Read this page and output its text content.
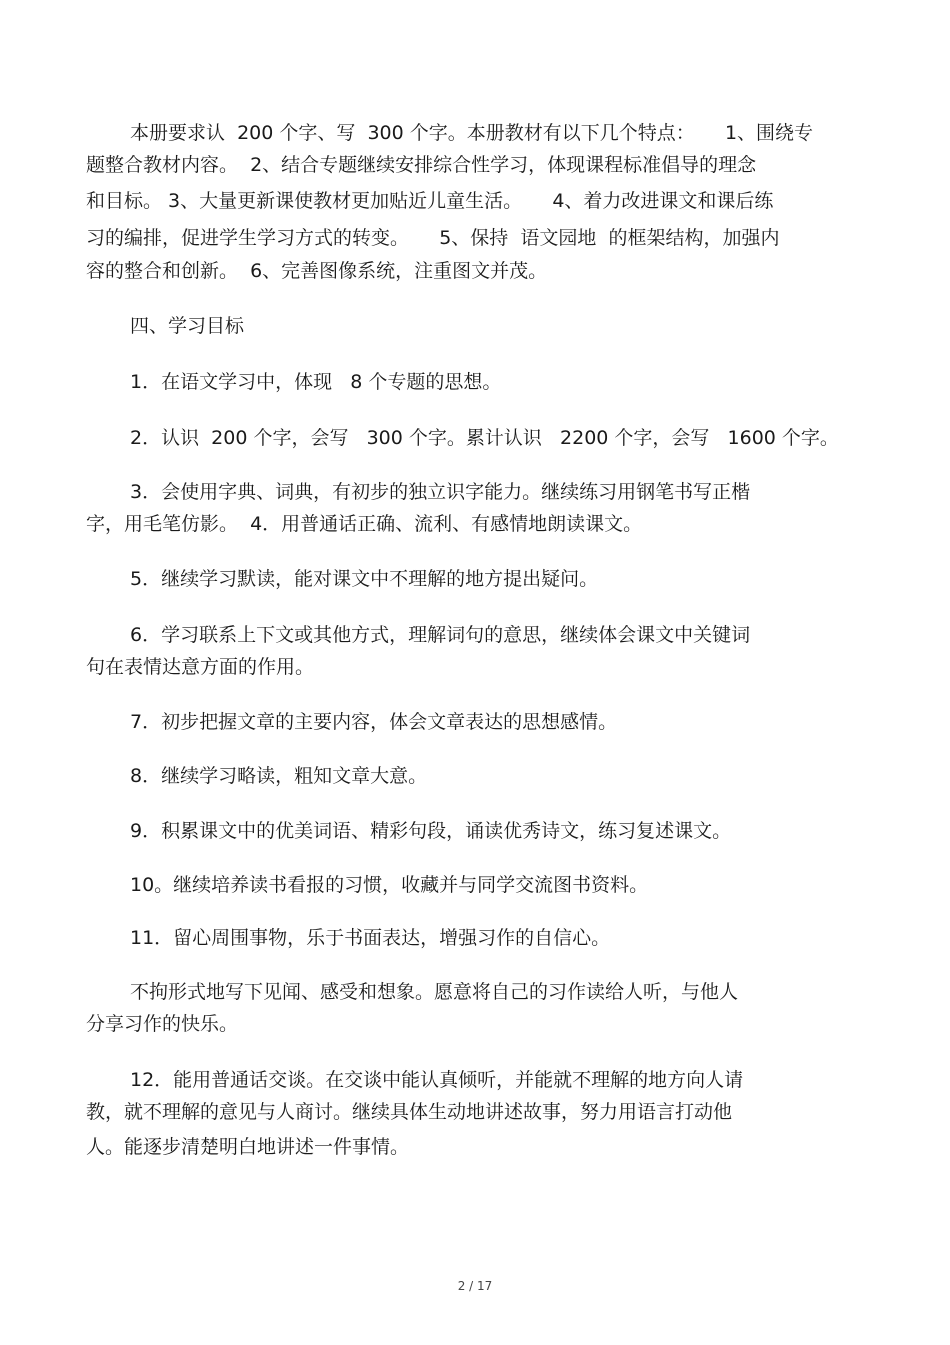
本册要求认  200 个字、写  300 个字。本册教材有以下几个特点：     1、围绕专
题整合教材内容。  2、结合专题继续安排综合性学习，体现课程标准倡导的理念
和目标。 3、大量更新课使教材更加贴近儿童生活。     4、着力改进课文和课后练
习的编排，促进学生学习方式的转变。     5、保持  语文园地  的框架结构，加强内
容的整合和创新。  6、完善图像系统，注重图文并茂。
四、学习目标
1．在语文学习中，体现   8 个专题的思想。
2．认识  200 个字，会写   300 个字。累计认识   2200 个字，会写   1600 个字。
3．会使用字典、词典，有初步的独立识字能力。继续练习用钢笔书写正楷
字，用毛笔仿影。  4．用普通话正确、流利、有感情地朗读课文。
5．继续学习默读，能对课文中不理解的地方提出疑问。
6．学习联系上下文或其他方式，理解词句的意思，继续体会课文中关键词
句在表情达意方面的作用。
7．初步把握文章的主要内容，体会文章表达的思想感情。
8．继续学习略读，粗知文章大意。
9．积累课文中的优美词语、精彩句段，诵读优秀诗文，练习复述课文。
10。继续培养读书看报的习惯，收藏并与同学交流图书资料。
11．留心周围事物，乐于书面表达，增强习作的自信心。
不拘形式地写下见闻、感受和想象。愿意将自己的习作读给人听，与他人
分享习作的快乐。
12．能用普通话交谈。在交谈中能认真倾听，并能就不理解的地方向人请
教，就不理解的意见与人商讨。继续具体生动地讲述故事，努力用语言打动他
人。能逐步清楚明白地讲述一件事情。
2 / 17
